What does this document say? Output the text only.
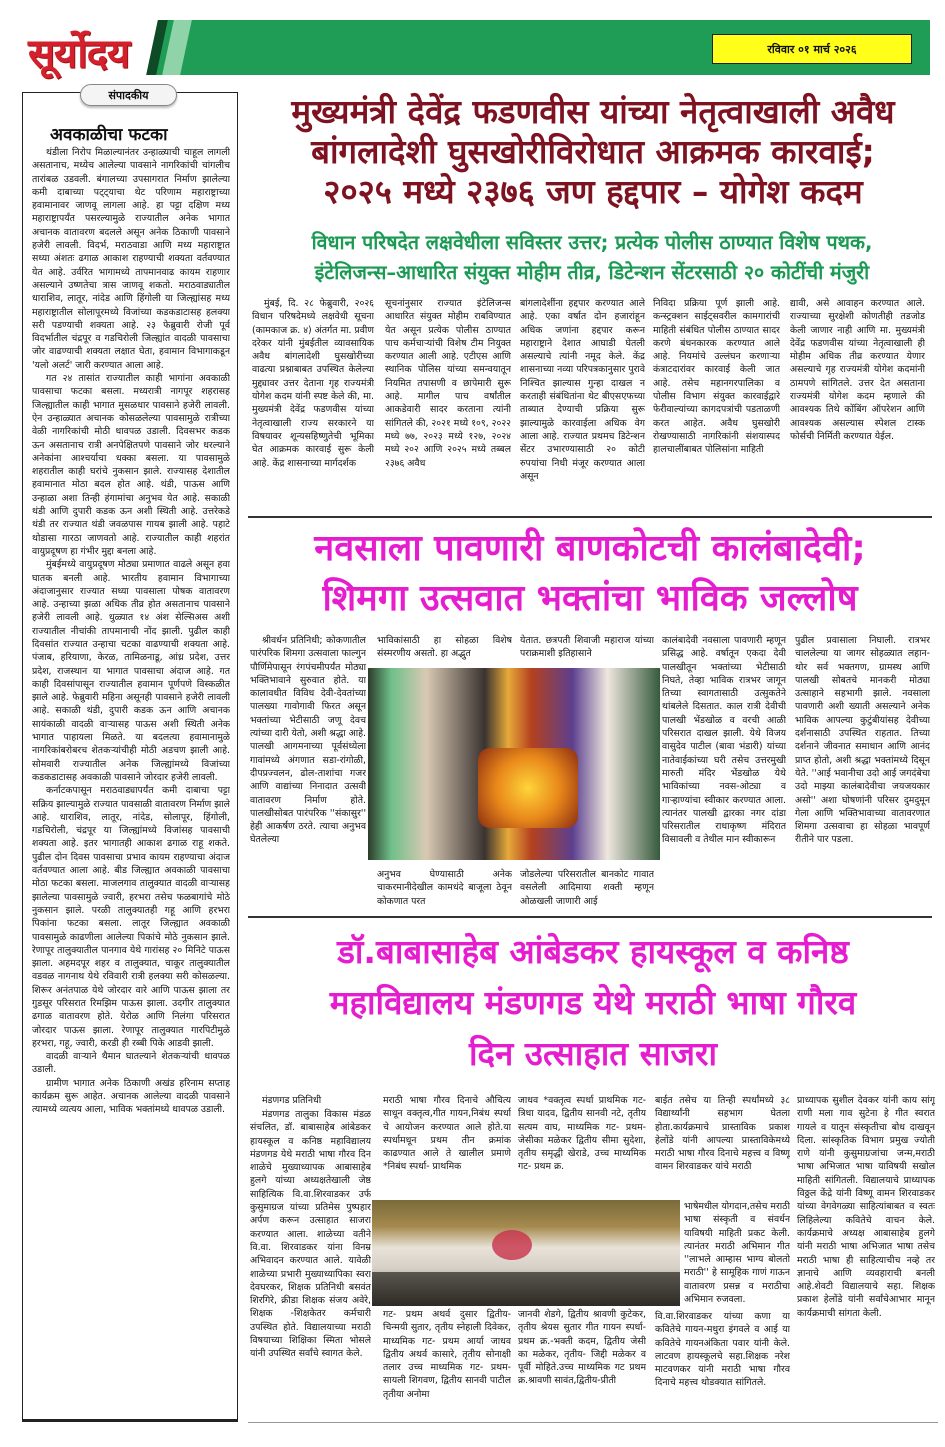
सूर्योदय	रविवार ०१ मार्च २०२६
संपादकीय
अवकाळीचा फटका

थंडीला निरोप मिळाल्यानंतर उन्हाळ्याची चाहूल लागली असतानाच, मध्येच आलेल्या पावसाने नागरिकांची चांगलीच तारांबळ उडवली. बंगालच्या उपसागरात निर्माण झालेल्या कमी दाबाच्या पट्ट्याचा थेट परिणाम महाराष्ट्राच्या हवामानावर जाणवू लागला आहे. हा पट्टा दक्षिण मध्य महाराष्ट्रापर्यंत पसरल्यामुळे राज्यातील अनेक भागात अचानक वातावरण बदलले असून अनेक ठिकाणी पावसाने हजेरी लावली. विदर्भ, मराठवाडा आणि मध्य महाराष्ट्रात सध्या अंशतः ढगाळ आकाश राहण्याची शक्यता वर्तवण्यात येत आहे. उर्वरित भागामध्ये तापमानवाढ कायम राहणार असल्याने उष्णतेचा त्रास जाणवू शकतो. मराठवाड्यातील धाराशिव, लातूर, नांदेड आणि हिंगोली या जिल्ह्यांसह मध्य महाराष्ट्रातील सोलापूरमध्ये विजांच्या कडकडाटासह हलक्या सरी पडण्याची शक्यता आहे. २३ फेब्रुवारी रोजी पूर्व विदर्भातील चंद्रपूर व गडचिरोली जिल्ह्यांत वादळी पावसाचा जोर वाढण्याची शक्यता लक्षात घेता, हवामान विभागाकडून 'यलो अलर्ट' जारी करण्यात आला आहे.

गत २४ तासांत राज्यातील काही भागांना अवकाळी पावसाचा फटका बसला. मध्यरात्री नागपूर शहरासह जिल्ह्यातील काही भागात मुसळधार पावसाने हजेरी लावली. ऐन उन्हाळ्यात अचानक कोसळलेल्या पावसामुळे रात्रीच्या वेळी नागरिकांची मोठी धावपळ उडाली. दिवसभर कडक ऊन असतानाच रात्री अनपेक्षितपणे पावसाने जोर धरल्याने अनेकांना आश्चर्याचा धक्का बसला. या पावसामुळे शहरातील काही घरांचे नुकसान झाले. राज्यासह देशातील हवामानात मोठा बदल होत आहे. थंडी, पाऊस आणि उन्हाळा अशा तिन्ही हंगामांचा अनुभव येत आहे. सकाळी थंडी आणि दुपारी कडक ऊन अशी स्थिती आहे. उत्तरेकडे थंडी तर राज्यात थंडी जवळपास गायब झाली आहे. पहाटे थोडासा गारठा जाणवतो आहे. राज्यातील काही शहरांत वायुप्रदूषण हा गंभीर मुद्दा बनला आहे.

मुंबईमध्ये वायुप्रदूषण मोठ्या प्रमाणात वाढले असून हवा घातक बनली आहे. भारतीय हवामान विभागाच्या अंदाजानुसार राज्यात सध्या पावसाला पोषक वातावरण आहे. उन्हाच्या झळा अधिक तीव्र होत असतानाच पावसाने हजेरी लावली आहे. धुळ्यात १४ अंश सेल्सिअस अशी राज्यातील नीचांकी तापमानाची नोंद झाली. पुढील काही दिवसांत राज्यात उन्हाचा चटका वाढण्याची शक्यता आहे. पंजाब, हरियाणा, केरळ, तामिळनाडू, आंध्र प्रदेश, उत्तर प्रदेश, राजस्थान या भागात पावसाचा अंदाज आहे. गत काही दिवसांपासून राज्यातील हवामान पूर्णपणे विस्कळीत झाले आहे. फेब्रुवारी महिना असूनही पावसाने हजेरी लावली आहे. सकाळी थंडी, दुपारी कडक ऊन आणि अचानक सायंकाळी वादळी वाऱ्यासह पाऊस अशी स्थिती अनेक भागात पाहायला मिळते. या बदलत्या हवामानामुळे नागरिकांबरोबरच शेतकऱ्यांचीही मोठी अडचण झाली आहे. सोमवारी राज्यातील अनेक जिल्ह्यांमध्ये विजांच्या कडकडाटासह अवकाळी पावसाने जोरदार हजेरी लावली.

कर्नाटकपासून मराठवाड्यापर्यंत कमी दाबाचा पट्टा सक्रिय झाल्यामुळे राज्यात पावसाळी वातावरण निर्माण झाले आहे. धाराशिव, लातूर, नांदेड, सोलापूर, हिंगोली, गडचिरोली, चंद्रपूर या जिल्ह्यांमध्ये विजांसह पावसाची शक्यता आहे. इतर भागातही आकाश ढगाळ राहू शकते. पुढील दोन दिवस पावसाचा प्रभाव कायम राहण्याचा अंदाज वर्तवण्यात आला आहे. बीड जिल्ह्यात अवकाळी पावसाचा मोठा फटका बसला. माजलगाव तालुक्यात वादळी वाऱ्यासह झालेल्या पावसामुळे ज्वारी, हरभरा तसेच फळबागांचे मोठे नुकसान झाले. परळी तालुक्यातही गहू आणि हरभरा पिकांना फटका बसला. लातूर जिल्ह्यात अवकाळी पावसामुळे काढणीला आलेल्या पिकांचे मोठे नुकसान झाले. रेणापूर तालुक्यातील पानगाव येथे गारांसह २० मिनिटे पाऊस झाला. अहमदपूर शहर व तालुक्यात, चाकूर तालुक्यातील वडवळ नागनाथ येथे रविवारी रात्री हलक्या सरी कोसळल्या. शिरूर अनंतपाळ येथे जोरदार वारे आणि पाऊस झाला तर गुडसूर परिसरात रिमझिम पाऊस झाला. उदगीर तालुक्यात ढगाळ वातावरण होते. येरोळ आणि निलंगा परिसरात जोरदार पाऊस झाला. रेणापूर तालुक्यात गारपिटीमुळे हरभरा, गहू, ज्वारी, करडी ही रब्बी पिके आडवी झाली.

वादळी वाऱ्याने थैमान घातल्याने शेतकऱ्यांची धावपळ उडाली.

ग्रामीण भागात अनेक ठिकाणी अखंड हरिनाम सप्ताह कार्यक्रम सुरू आहेत. अचानक आलेल्या वादळी पावसाने त्यामध्ये व्यत्यय आला, भाविक भक्तांमध्ये धावपळ उडाली.

मुख्यमंत्री देवेंद्र फडणवीस यांच्या नेतृत्वाखाली अवैध
बांगलादेशी घुसखोरीविरोधात आक्रमक कारवाई;
२०२५ मध्ये २३७६ जण हद्दपार – योगेश कदम
विधान परिषदेत लक्षवेधीला सविस्तर उत्तर; प्रत्येक पोलीस ठाण्यात विशेष पथक,
इंटेलिजन्स–आधारित संयुक्त मोहीम तीव्र, डिटेन्शन सेंटरसाठी २० कोटींची मंजुरी
मुंबई, दि. २८ फेब्रुवारी, २०२६ विधान परिषदेमध्ये लक्षवेधी सूचना (कामकाज क्र. ४) अंतर्गत मा. प्रवीण दरेकर यांनी मुंबईतील व्यावसायिक अवैध बांगलादेशी घुसखोरीच्या वाढत्या प्रश्नाबाबत उपस्थित केलेल्या मुद्द्यावर उत्तर देताना गृह राज्यमंत्री योगेश कदम यांनी स्पष्ट केले की, मा. मुख्यमंत्री देवेंद्र फडणवीस यांच्या नेतृत्वाखाली राज्य सरकारने या विषयावर शून्यसहिष्णुतेची भूमिका घेत आक्रमक कारवाई सुरू केली आहे. केंद्र शासनाच्या मार्गदर्शक
सूचनांनुसार राज्यात इंटेलिजन्स आधारित संयुक्त मोहीम राबविण्यात येत असून प्रत्येक पोलीस ठाण्यात पाच कर्मचाऱ्यांची विशेष टीम नियुक्त करण्यात आली आहे. एटीएस आणि स्थानिक पोलिस यांच्या समन्वयातून नियमित तपासणी व छापेमारी सुरू आहे. मागील पाच वर्षांतील आकडेवारी सादर करताना त्यांनी सांगितले की, २०२१ मध्ये १०९, २०२२ मध्ये ७७, २०२३ मध्ये १२७, २०२४ मध्ये २०२ आणि २०२५ मध्ये तब्बल २३७६ अवैध
बांगलादेशींना हद्दपार करण्यात आले आहे. एका वर्षात दोन हजारांहून अधिक जणांना हद्दपार करून महाराष्ट्राने देशात आघाडी घेतली असल्याचे त्यांनी नमूद केले. केंद्र शासनाच्या नव्या परिपत्रकानुसार पुरावे निश्चित झाल्यास गुन्हा दाखल न करताही संबंधितांना थेट बीएसएफच्या ताब्यात देण्याची प्रक्रिया सुरू झाल्यामुळे कारवाईला अधिक वेग आला आहे. राज्यात प्रथमच डिटेन्शन सेंटर उभारण्यासाठी २० कोटी रुपयांचा निधी मंजूर करण्यात आला असून
निविदा प्रक्रिया पूर्ण झाली आहे. कन्स्ट्रक्शन साईट्सवरील कामगारांची माहिती संबंधित पोलीस ठाण्यात सादर करणे बंधनकारक करण्यात आले आहे. नियमांचे उल्लंघन करणाऱ्या कंत्राटदारांवर कारवाई केली जात आहे. तसेच महानगरपालिका व पोलीस विभाग संयुक्त कारवाईद्वारे फेरीवाल्यांच्या कागदपत्रांची पडताळणी करत आहेत. अवैध घुसखोरी रोखण्यासाठी नागरिकांनी संशयास्पद हालचालींबाबत पोलिसांना माहिती
द्यावी, असे आवाहन करण्यात आले. राज्याच्या सुरक्षेशी कोणतीही तडजोड केली जाणार नाही आणि मा. मुख्यमंत्री देवेंद्र फडणवीस यांच्या नेतृत्वाखाली ही मोहीम अधिक तीव्र करण्यात येणार असल्याचे गृह राज्यमंत्री योगेश कदमांनी ठामपणे सांगितले. उत्तर देत असताना राज्यमंत्री योगेश कदम म्हणाले की आवश्यक तिथे कोंबिंग ऑपरेशन आणि आवश्यक असल्यास स्पेशल टास्क फोर्सची निर्मिती करण्यात येईल.
नवसाला पावणारी बाणकोटची कालंबादेवी;
शिमगा उत्सवात भक्तांचा भाविक जल्लोष
श्रीवर्धन प्रतिनिधी; कोकणातील पारंपरिक शिमगा उत्सवाला फाल्गुन पौर्णिमेपासून रंगपंचमीपर्यंत मोठ्या भक्तिभावाने सुरुवात होते. या कालावधीत विविध देवी-देवतांच्या पालख्या गावोगावी फिरत असून भक्तांच्या भेटीसाठी जणू देवच त्यांच्या दारी येतो, अशी श्रद्धा आहे. पालखी आगमनाच्या पूर्वसंध्येला गावांमध्ये अंगणात सडा-रांगोळी, दीपप्रज्वलन, ढोल-ताशांचा गजर आणि वाद्यांच्या निनादात उत्सवी वातावरण निर्माण होते. पालखीसोबत पारंपरिक ''संकासुर'' हेही आकर्षण ठरते. त्याचा अनुभव घेतलेल्या
भाविकांसाठी हा सोहळा विशेष संस्मरणीय असतो. हा अद्भुत
अनुभव घेण्यासाठी अनेक चाकरमानीदेखील कामधंदे बाजूला ठेवून कोकणात परत
येतात. छत्रपती शिवाजी महाराज यांच्या पराक्रमाशी इतिहासाने
जोडलेल्या परिसरातील बानकोट गावात वसलेली आदिमाया शक्ती म्हणून ओळखली जाणारी आई
कालंबादेवी नवसाला पावणारी म्हणून प्रसिद्ध आहे. वर्षातून एकदा देवी पालखीतून भक्तांच्या भेटीसाठी निघते, तेव्हा भाविक रात्रभर जागून तिच्या स्वागतासाठी उत्सुकतेने थांबलेले दिसतात. काल रात्री देवीची पालखी भेंडखोळ व वरची आळी परिसरात दाखल झाली. येथे विजय वासुदेव पाटील (बावा भंडारी) यांच्या नातेवाईकांच्या घरी तसेच उत्तरमुखी मारुती मंदिर भेंडखोळ येथे भाविकांच्या नवस-ओट्या व गाऱ्हाण्यांचा स्वीकार करण्यात आला. त्यानंतर पालखी द्वारका नगर दांडा परिसरातील राधाकृष्ण मंदिरात विसावली व तेथील मान स्वीकारून
पुढील प्रवासाला निघाली. रात्रभर चाललेल्या या जागर सोहळ्यात लहान-थोर सर्व भक्तगण, ग्रामस्थ आणि पालखी सोबतचे मानकरी मोठ्या उत्साहाने सहभागी झाले. नवसाला पावणारी अशी ख्याती असल्याने अनेक भाविक आपल्या कुटुंबीयांसह देवीच्या दर्शनासाठी उपस्थित राहतात. तिच्या दर्शनाने जीवनात समाधान आणि आनंद प्राप्त होतो, अशी श्रद्धा भक्तांमध्ये दिसून येते. ''आई भवानीचा उदो आई जगदंबेचा उदो माझ्या कालंबादेवीचा जयजयकार असो'' अशा घोषणांनी परिसर दुमदुमून गेला आणि भक्तिभावाच्या वातावरणात शिमगा उत्सवाचा हा सोहळा भावपूर्ण रीतीने पार पडला.
डॉ.बाबासाहेब आंबेडकर हायस्कूल व कनिष्ठ
महाविद्यालय मंडणगड येथे मराठी भाषा गौरव
दिन उत्साहात साजरा
मंडणगड प्रतिनिधी
मंडणगड तालुका विकास मंडळ संचलित, डॉ. बाबासाहेब आंबेडकर हायस्कूल व कनिष्ठ महाविद्यालय मंडणगड येथे मराठी भाषा गौरव दिन शाळेचे मुख्याध्यापक आबासाहेब हुलगे यांच्या अध्यक्षतेखाली जेष्ठ साहित्यिक वि.वा.शिरवाडकर उर्फ कुसुमाग्रज यांच्या प्रतिमेस पुष्पहार अर्पण करून उत्साहात साजरा करण्यात आला. शाळेच्या वतीने वि.वा. शिरवाडकर यांना विनम्र अभिवादन करण्यात आले. यावेळी शाळेच्या प्रभारी मुख्याध्यापिका स्वरा देवघरकर, शिक्षक प्रतिनिधी बसवंत शिरगिरे, क्रीडा शिक्षक संजय अवेरे, शिक्षक -शिक्षकेतर कर्मचारी उपस्थित होते. विद्यालयाच्या मराठी विषयाच्या शिक्षिका स्मिता भोसले यांनी उपस्थित सर्वांचे स्वागत केले.
मराठी भाषा गौरव दिनाचे औचित्य साधून वक्तृत्व,गीत गायन,निबंध स्पर्धा चे आयोजन करण्यात आले होते.या स्पर्धामधून प्रथम तीन क्रमांक काढण्यात आले ते खालील प्रमाणे *निबंध स्पर्धा- प्राथमिक
गट- प्रथम अथर्व दुसार द्वितीय- चिन्मयी सुतार, तृतीय स्नेहाली दिवेकर, माध्यमिक गट- प्रथम आर्या जाधव द्वितीय अथर्व कासारे, तृतीय सोनाक्षी तलार उच्च माध्यमिक गट- प्रथम- सायली शिगवण, द्वितीय सानवी पाटील तृतीया अनोमा
जाधव *वक्तृत्व स्पर्धा प्राथमिक गट- त्रिधा यादव, द्वितीय सानवी नटे, तृतीय सत्यम वाघ, माध्यमिक गट- प्रथम- जेसीका मळेकर द्वितीय सीमा सुदेशा, तृतीय समृद्धी खेराडे, उच्च माध्यमिक गट- प्रथम क्र.
जानवी शेडगे, द्वितीय श्रावणी कुटेकर, तृतीय श्रेयस सुतार गीत गायन स्पर्धा- प्रथम क्र.-भक्ती कदम, द्वितीय जेसी का मळेकर, तृतीय- जिद्दी मळेकर व पूर्वी मोहिते.उच्च माध्यमिक गट प्रथम क्र.श्रावणी सावंत,द्वितीय-प्रीती
बाईत तसेच या तिन्ही स्पर्धांमध्ये ३८ विद्यार्थ्यांनी सहभाग घेतला होता.कार्यक्रमाचे प्रास्ताविक प्रकाश हेलोंडे यांनी आपल्या प्रास्ताविकेमध्ये मराठी भाषा गौरव दिनाचे महत्त्व व विष्णू वामन शिरवाडकर यांचे मराठी
भाषेमधील योगदान,तसेच मराठी भाषा संस्कृती व संवर्धन याविषयी माहिती प्रकट केली. त्यानंतर मराठी अभिमान गीत ''लाभले आम्हास भाग्य बोलतो मराठी'' हे सामूहिक गाणं गाऊन वातावरण प्रसन्न व मराठीचा अभिमान रुजवला.
वि.वा.शिरवाडकर यांच्या कणा या कवितेचे गायन-मधुरा इंगवले व आई या कवितेचे गायनअंकिता पवार यांनी केले. लाटवण हायस्कूलचे सहा.शिक्षक नरेश माटवणकर यांनी मराठी भाषा गौरव दिनाचे महत्त्व थोडक्यात सांगितले.
प्राध्यापक सुशील देवकर यांनी काय सांगू राणी मला गाव सुटेना हे गीत स्वरात गायले व यातून संस्कृतीचा बोध दाखवून दिला. सांस्कृतिक विभाग प्रमुख ज्योती राणे यांनी कुसुमाग्रजांचा जन्म,मराठी भाषा अभिजात भाषा याविषयी सखोल माहिती सांगितली. विद्यालयाचे प्राध्यापक विठ्ठल केंद्रे यांनी विष्णू वामन शिरवाडकर यांच्या वेगवेगळ्या साहित्यांबाबत व स्वतः लिहिलेल्या कवितेचे वाचन केले. कार्यक्रमाचे अध्यक्ष आबासाहेब हुलगे यांनी मराठी भाषा अभिजात भाषा तसेच मराठी भाषा ही साहित्याचीच नव्हे तर ज्ञानाचे आणि व्यवहाराची बनली आहे.शेवटी विद्यालयाचे सहा. शिक्षक प्रकाश हेलोंडे यांनी सर्वांचेआभार मानून कार्यक्रमाची सांगता केली.
